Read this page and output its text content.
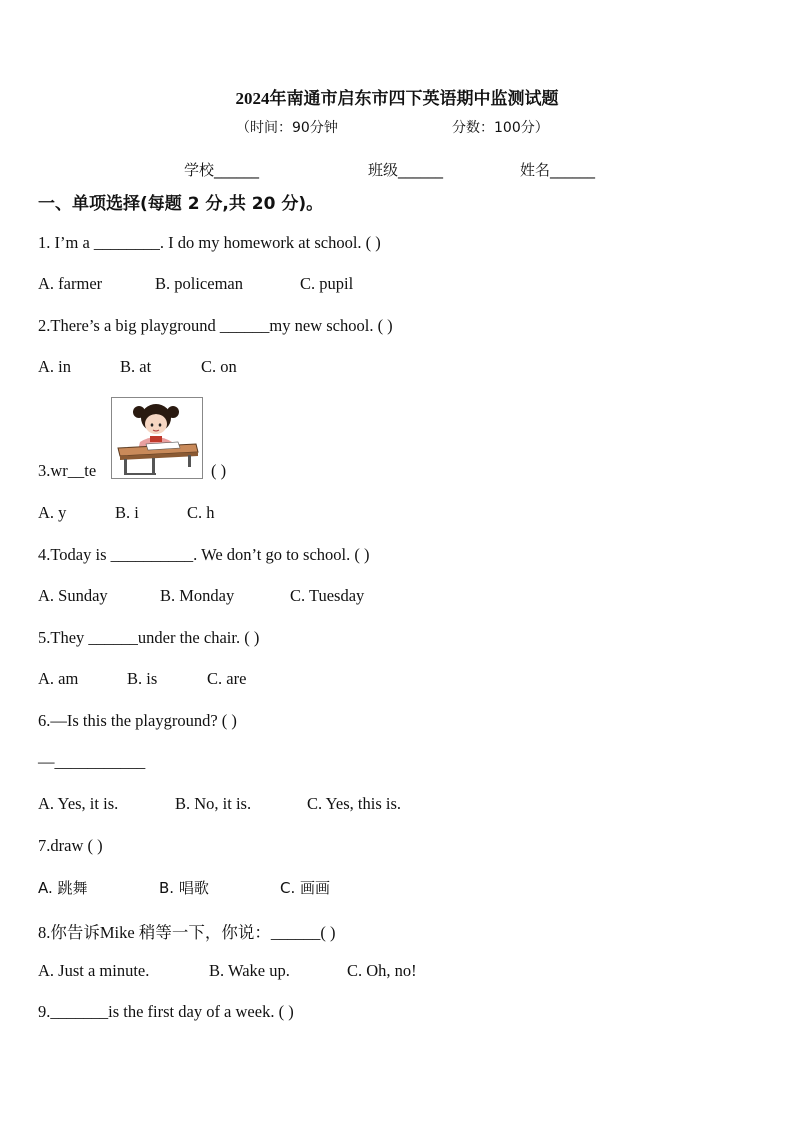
2024年南通市启东市四下英语期中监测试题
（时间：90分钟	分数：100分）
学校______	班级______	姓名______
一、单项选择(每题 2 分,共 20 分)。
1. I’m a ________. I do my homework at school. ( )
A. farmer	B. policeman	C. pupil
2.There’s a big playground ______my new school. ( )
A. in	B. at	C. on
3.wr__te	( )
A. y	B. i	C. h
4.Today is __________. We don’t go to school. ( )
A. Sunday	B. Monday	C. Tuesday
5.They ______under the chair. ( )
A. am	B. is	C. are
6.—Is this the playground? ( )
—___________
A. Yes, it is.	B. No, it is.	C. Yes, this is.
7.draw ( )
A. 跳舞	B. 唱歌	C. 画画
8.你告诉Mike 稍等一下，你说：______( )
A. Just a minute.	B. Wake up.	C. Oh, no!
9._______is the first day of a week. ( )
